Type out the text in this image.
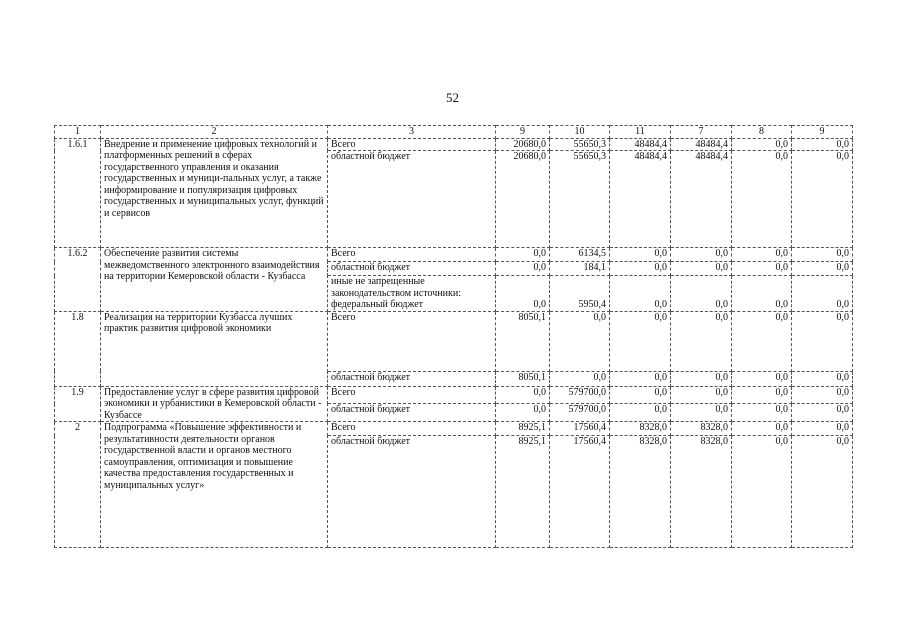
52
1	2	3	9	10	11	7	8	9
1.6.1	Внедрение и применение цифровых технологий и платформенных решений в сферах государственного управления и оказания государственных и муници-пальных услуг, а также информирование и популяризация цифровых государственных и муниципальных услуг, функций и сервисов	Всего	20680,0	55650,3	48484,4	48484,4	0,0	0,0
		областной бюджет	20680,0	55650,3	48484,4	48484,4	0,0	0,0
1.6.2	Обеспечение развития системы межведомственного электронного взаимодействия на территории Кемеровской области - Кузбасса	Всего	0,0	6134,5	0,0	0,0	0,0	0,0
		областной бюджет	0,0	184,1	0,0	0,0	0,0	0,0
		иные не запрещенные законодательством источники: федеральный бюджет	0,0	5950,4	0,0	0,0	0,0	0,0
1.8	Реализация на территории Кузбасса лучших практик развития цифровой экономики	Всего	8050,1	0,0	0,0	0,0	0,0	0,0
		областной бюджет	8050,1	0,0	0,0	0,0	0,0	0,0
1.9	Предоставление услуг в сфере развития цифровой экономики и урбанистики в Кемеровской области - Кузбассе	Всего	0,0	579700,0	0,0	0,0	0,0	0,0
		областной бюджет	0,0	579700,0	0,0	0,0	0,0	0,0
2	Подпрограмма «Повышение эффективности и результативности деятельности органов государственной власти и органов местного самоуправления, оптимизация и повышение качества предоставления государственных и муниципальных услуг»	Всего	8925,1	17560,4	8328,0	8328,0	0,0	0,0
		областной бюджет	8925,1	17560,4	8328,0	8328,0	0,0	0,0
